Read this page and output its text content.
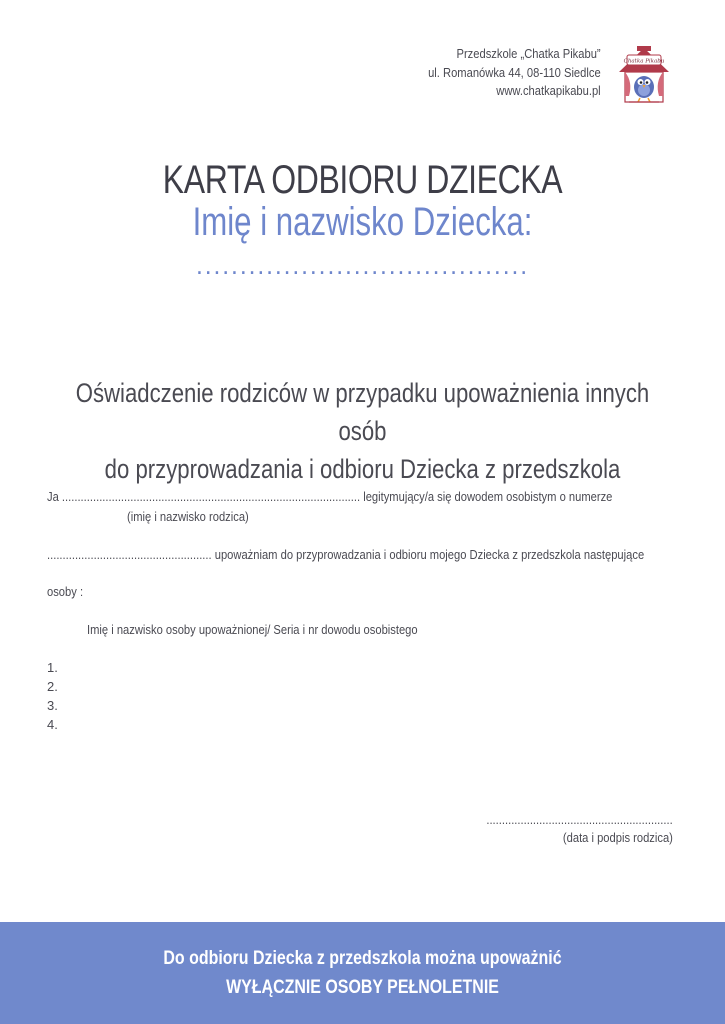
Przedszkole „Chatka Pikabu”
ul. Romanówka 44, 08-110 Siedlce
www.chatkapikabu.pl
Chatka Pikabu
KARTA ODBIORU DZIECKA
Imię i nazwisko Dziecka:
......................................
Oświadczenie rodziców w przypadku upoważnienia innych osób
do przyprowadzania i odbioru Dziecka z przedszkola
Ja ................................................................................................ legitymujący/a się dowodem osobistym o numerze
(imię i nazwisko rodzica)
..................................................... upoważniam do przyprowadzania i odbioru mojego Dziecka z przedszkola następujące
osoby :
Imię i nazwisko osoby upoważnionej/ Seria i nr dowodu osobistego
1.
2.
3.
4.
............................................................
(data i podpis rodzica)
Do odbioru Dziecka z przedszkola można upoważnić
WYŁĄCZNIE OSOBY PEŁNOLETNIE
